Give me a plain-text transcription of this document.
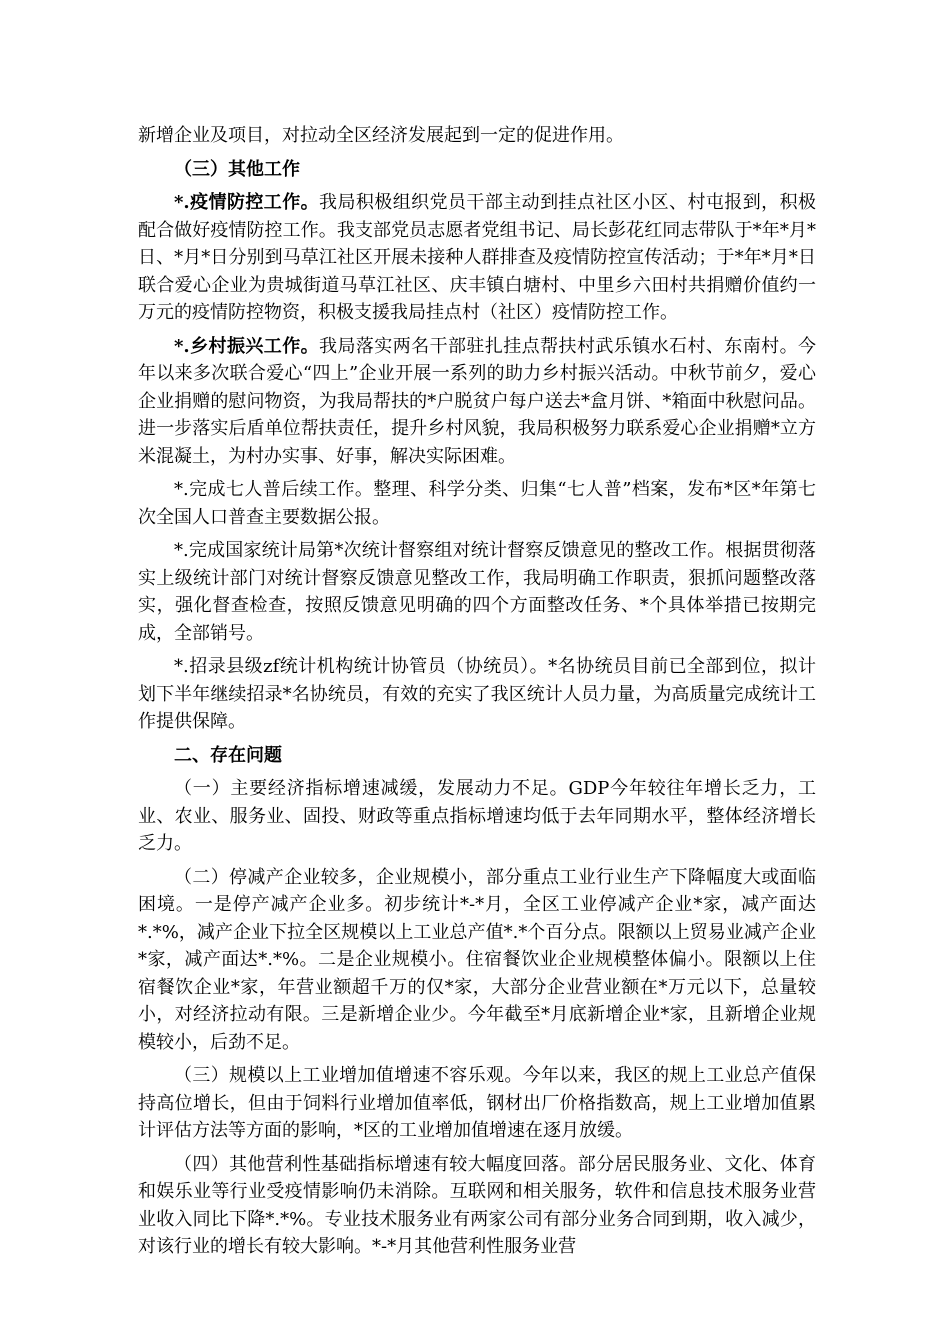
新增企业及项目，对拉动全区经济发展起到一定的促进作用。

（三）其他工作

*.疫情防控工作。我局积极组织党员干部主动到挂点社区小区、村屯报到，积极配合做好疫情防控工作。我支部党员志愿者党组书记、局长彭花红同志带队于*年*月*日、*月*日分别到马草江社区开展未接种人群排查及疫情防控宣传活动；于*年*月*日联合爱心企业为贵城街道马草江社区、庆丰镇白塘村、中里乡六田村共捐赠价值约一万元的疫情防控物资，积极支援我局挂点村（社区）疫情防控工作。

*.乡村振兴工作。我局落实两名干部驻扎挂点帮扶村武乐镇水石村、东南村。今年以来多次联合爱心“四上”企业开展一系列的助力乡村振兴活动。中秋节前夕，爱心企业捐赠的慰问物资，为我局帮扶的*户脱贫户每户送去*盒月饼、*箱面中秋慰问品。进一步落实后盾单位帮扶责任，提升乡村风貌，我局积极努力联系爱心企业捐赠*立方米混凝土，为村办实事、好事，解决实际困难。

*.完成七人普后续工作。整理、科学分类、归集“七人普”档案，发布*区*年第七次全国人口普查主要数据公报。

*.完成国家统计局第*次统计督察组对统计督察反馈意见的整改工作。根据贯彻落实上级统计部门对统计督察反馈意见整改工作，我局明确工作职责，狠抓问题整改落实，强化督查检查，按照反馈意见明确的四个方面整改任务、*个具体举措已按期完成，全部销号。

*.招录县级zf统计机构统计协管员（协统员）。*名协统员目前已全部到位，拟计划下半年继续招录*名协统员，有效的充实了我区统计人员力量，为高质量完成统计工作提供保障。

二、存在问题

（一）主要经济指标增速减缓，发展动力不足。GDP今年较往年增长乏力，工业、农业、服务业、固投、财政等重点指标增速均低于去年同期水平，整体经济增长乏力。

（二）停减产企业较多，企业规模小，部分重点工业行业生产下降幅度大或面临困境。一是停产减产企业多。初步统计*-*月，全区工业停减产企业*家，减产面达*.*%，减产企业下拉全区规模以上工业总产值*.*个百分点。限额以上贸易业减产企业*家，减产面达*.*%。二是企业规模小。住宿餐饮业企业规模整体偏小。限额以上住宿餐饮企业*家，年营业额超千万的仅*家，大部分企业营业额在*万元以下，总量较小，对经济拉动有限。三是新增企业少。今年截至*月底新增企业*家，且新增企业规模较小，后劲不足。

（三）规模以上工业增加值增速不容乐观。今年以来，我区的规上工业总产值保持高位增长，但由于饲料行业增加值率低，钢材出厂价格指数高，规上工业增加值累计评估方法等方面的影响，*区的工业增加值增速在逐月放缓。

（四）其他营利性基础指标增速有较大幅度回落。部分居民服务业、文化、体育和娱乐业等行业受疫情影响仍未消除。互联网和相关服务，软件和信息技术服务业营业收入同比下降*.*%。专业技术服务业有两家公司有部分业务合同到期，收入减少，对该行业的增长有较大影响。*-*月其他营利性服务业营
